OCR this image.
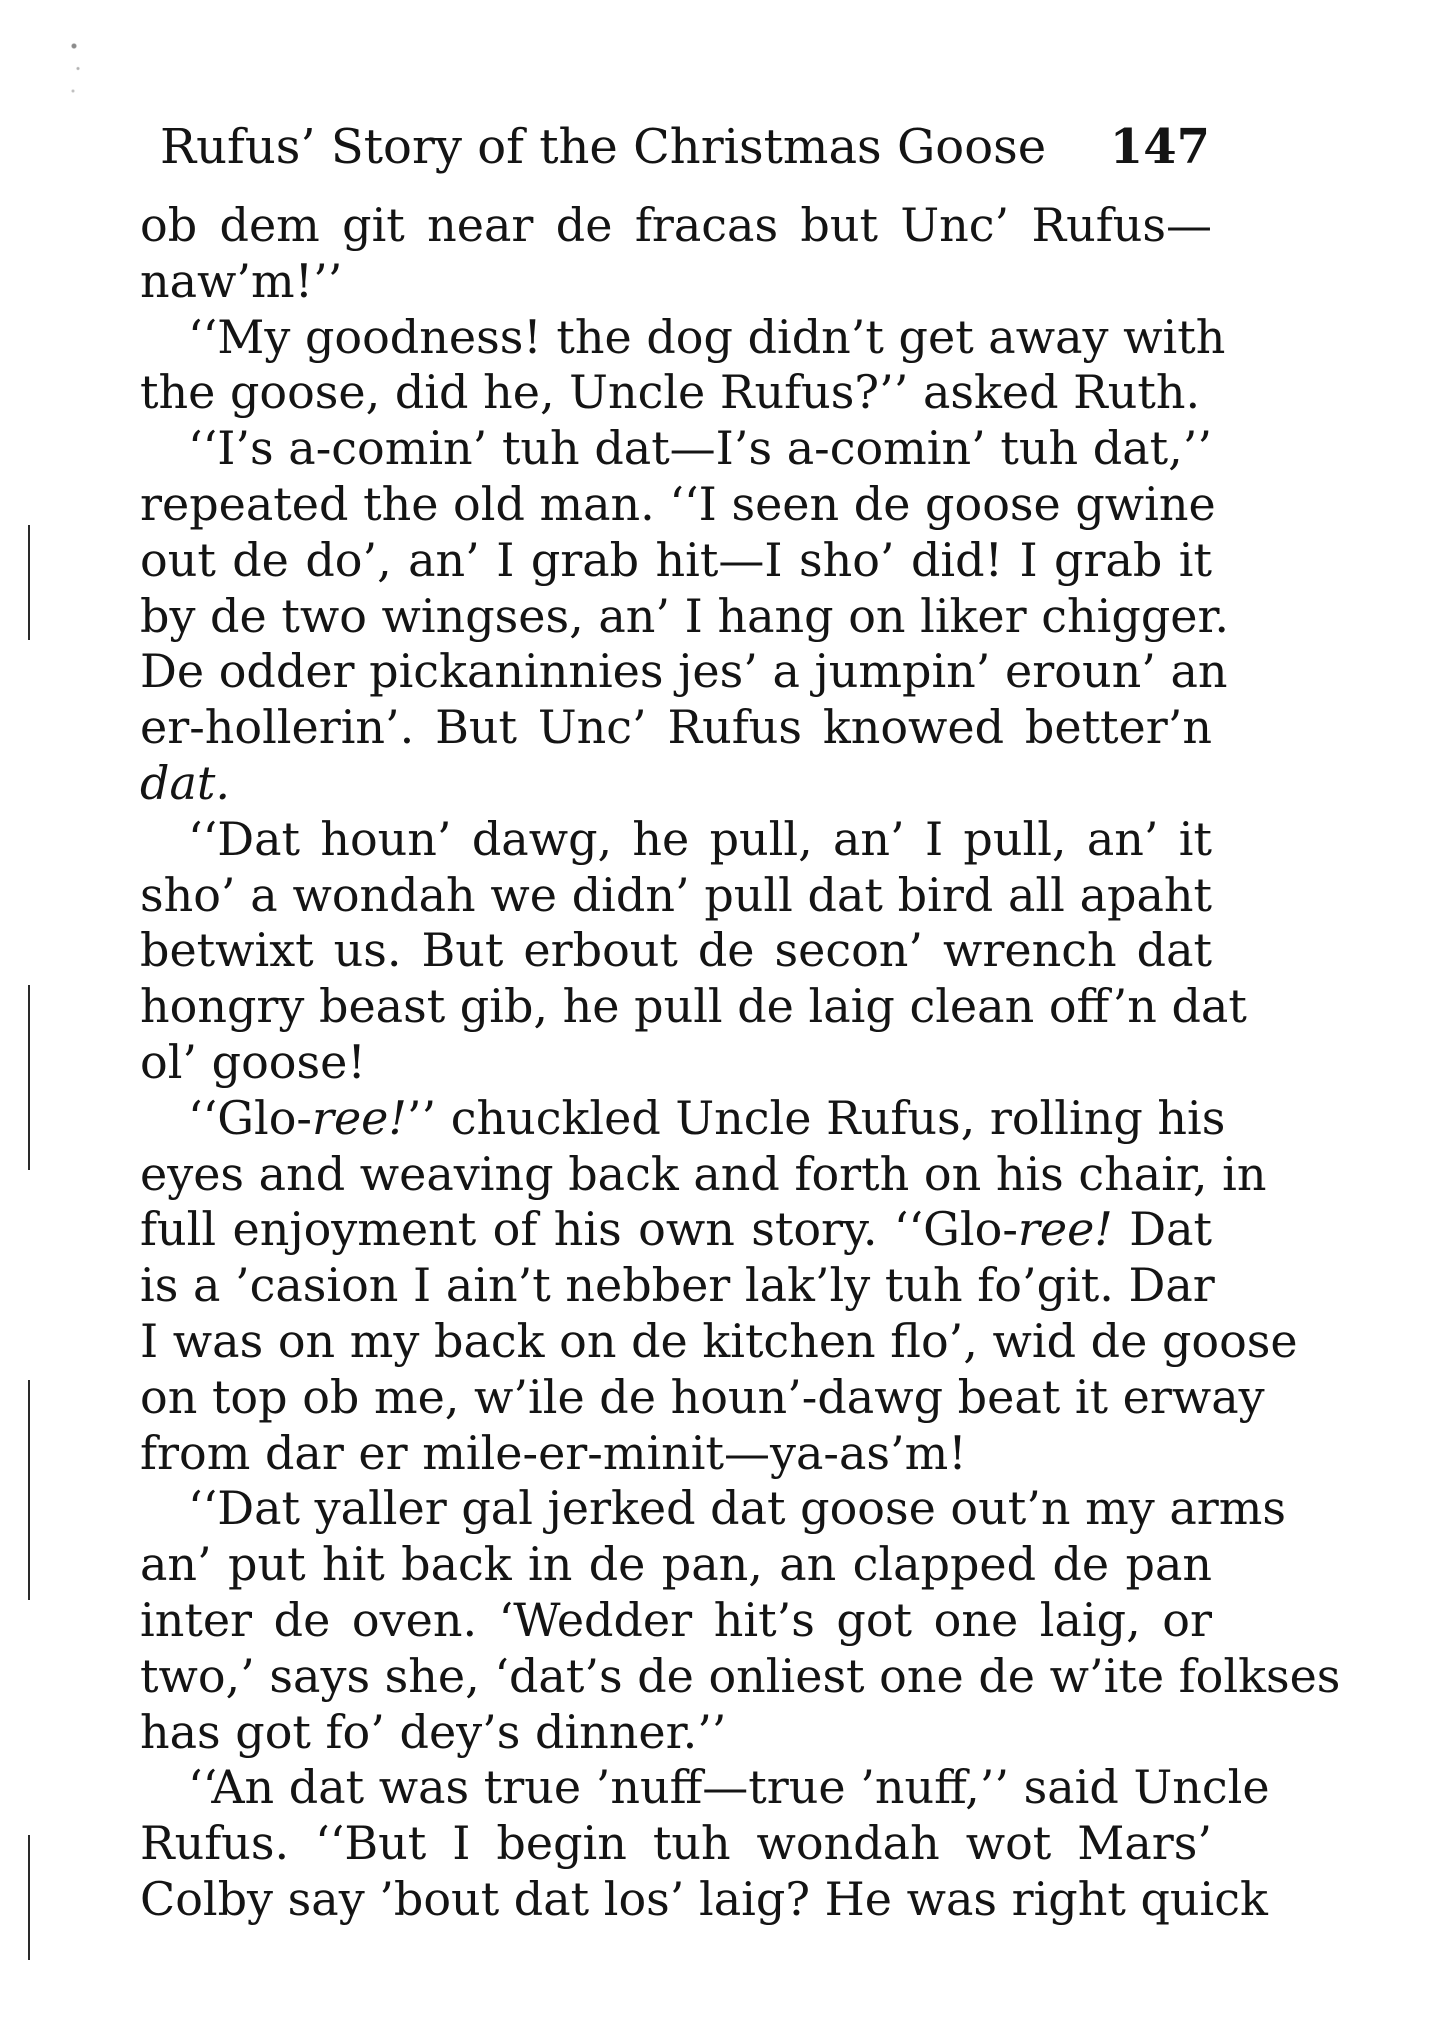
Rufus’ Story of the Christmas Goose 147
ob dem git near de fracas but Unc’ Rufus—
naw’m!’’
‘‘My goodness! the dog didn’t get away with
the goose, did he, Uncle Rufus?’’ asked Ruth.
‘‘I’s a-comin’ tuh dat—I’s a-comin’ tuh dat,’’
repeated the old man. ‘‘I seen de goose gwine
out de do’, an’ I grab hit—I sho’ did! I grab it
by de two wingses, an’ I hang on liker chigger.
De odder pickaninnies jes’ a jumpin’ eroun’ an
er-hollerin’. But Unc’ Rufus knowed better’n
dat.
‘‘Dat houn’ dawg, he pull, an’ I pull, an’ it
sho’ a wondah we didn’ pull dat bird all apaht
betwixt us. But erbout de secon’ wrench dat
hongry beast gib, he pull de laig clean off’n dat
ol’ goose!
‘‘Glo-ree!’’ chuckled Uncle Rufus, rolling his
eyes and weaving back and forth on his chair, in
full enjoyment of his own story. ‘‘Glo-ree! Dat
is a ’casion I ain’t nebber lak’ly tuh fo’git. Dar
I was on my back on de kitchen flo’, wid de goose
on top ob me, w’ile de houn’-dawg beat it erway
from dar er mile-er-minit—ya-as’m!
‘‘Dat yaller gal jerked dat goose out’n my arms
an’ put hit back in de pan, an clapped de pan
inter de oven. ‘Wedder hit’s got one laig, or
two,’ says she, ‘dat’s de onliest one de w’ite folkses
has got fo’ dey’s dinner.’’
‘‘An dat was true ’nuff—true ’nuff,’’ said Uncle
Rufus. ‘‘But I begin tuh wondah wot Mars’
Colby say ’bout dat los’ laig? He was right quick
